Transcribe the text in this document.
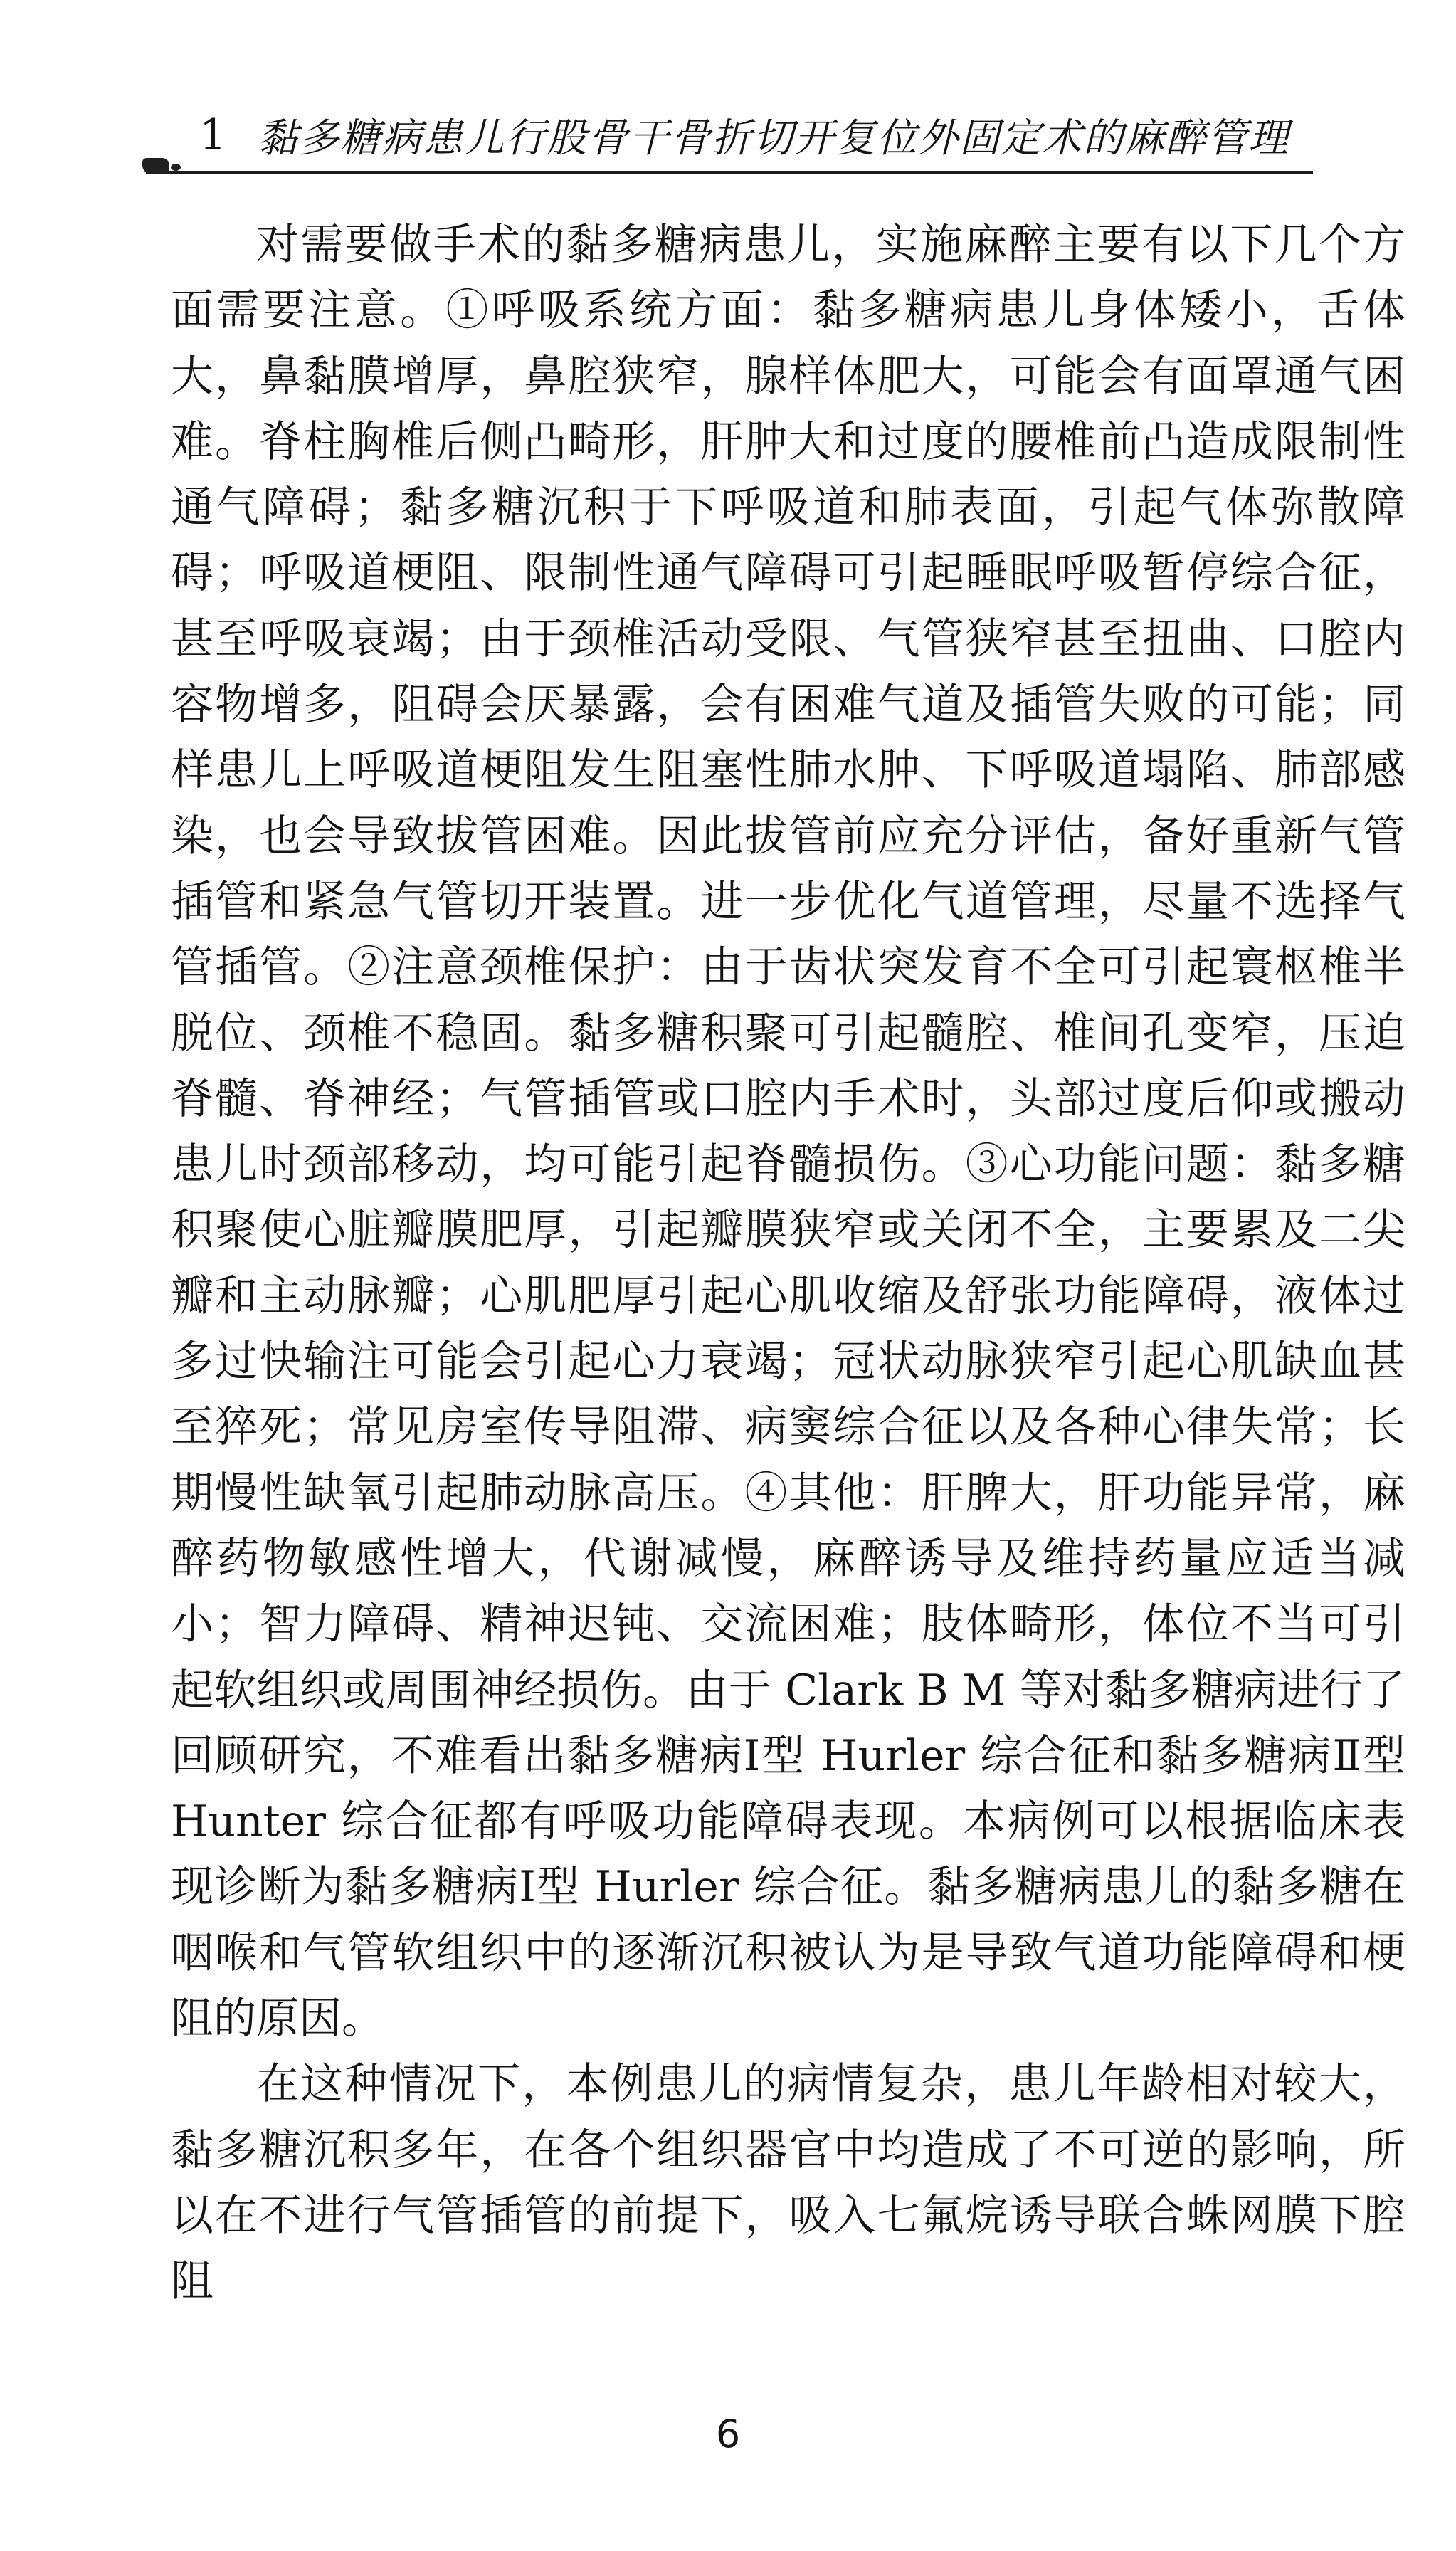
1 黏多糖病患儿行股骨干骨折切开复位外固定术的麻醉管理

对需要做手术的黏多糖病患儿，实施麻醉主要有以下几个方面需要注意。①呼吸系统方面：黏多糖病患儿身体矮小，舌体大，鼻黏膜增厚，鼻腔狭窄，腺样体肥大，可能会有面罩通气困难。脊柱胸椎后侧凸畸形，肝肿大和过度的腰椎前凸造成限制性通气障碍；黏多糖沉积于下呼吸道和肺表面，引起气体弥散障碍；呼吸道梗阻、限制性通气障碍可引起睡眠呼吸暂停综合征，甚至呼吸衰竭；由于颈椎活动受限、气管狭窄甚至扭曲、口腔内容物增多，阻碍会厌暴露，会有困难气道及插管失败的可能；同样患儿上呼吸道梗阻发生阻塞性肺水肿、下呼吸道塌陷、肺部感染，也会导致拔管困难。因此拔管前应充分评估，备好重新气管插管和紧急气管切开装置。进一步优化气道管理，尽量不选择气管插管。②注意颈椎保护：由于齿状突发育不全可引起寰枢椎半脱位、颈椎不稳固。黏多糖积聚可引起髓腔、椎间孔变窄，压迫脊髓、脊神经；气管插管或口腔内手术时，头部过度后仰或搬动患儿时颈部移动，均可能引起脊髓损伤。③心功能问题：黏多糖积聚使心脏瓣膜肥厚，引起瓣膜狭窄或关闭不全，主要累及二尖瓣和主动脉瓣；心肌肥厚引起心肌收缩及舒张功能障碍，液体过多过快输注可能会引起心力衰竭；冠状动脉狭窄引起心肌缺血甚至猝死；常见房室传导阻滞、病窦综合征以及各种心律失常；长期慢性缺氧引起肺动脉高压。④其他：肝脾大，肝功能异常，麻醉药物敏感性增大，代谢减慢，麻醉诱导及维持药量应适当减小；智力障碍、精神迟钝、交流困难；肢体畸形，体位不当可引起软组织或周围神经损伤。由于 Clark B M 等对黏多糖病进行了回顾研究，不难看出黏多糖病Ⅰ型 Hurler 综合征和黏多糖病Ⅱ型 Hunter 综合征都有呼吸功能障碍表现。本病例可以根据临床表现诊断为黏多糖病Ⅰ型 Hurler 综合征。黏多糖病患儿的黏多糖在咽喉和气管软组织中的逐渐沉积被认为是导致气道功能障碍和梗阻的原因。

在这种情况下，本例患儿的病情复杂，患儿年龄相对较大，黏多糖沉积多年，在各个组织器官中均造成了不可逆的影响，所以在不进行气管插管的前提下，吸入七氟烷诱导联合蛛网膜下腔阻

6
